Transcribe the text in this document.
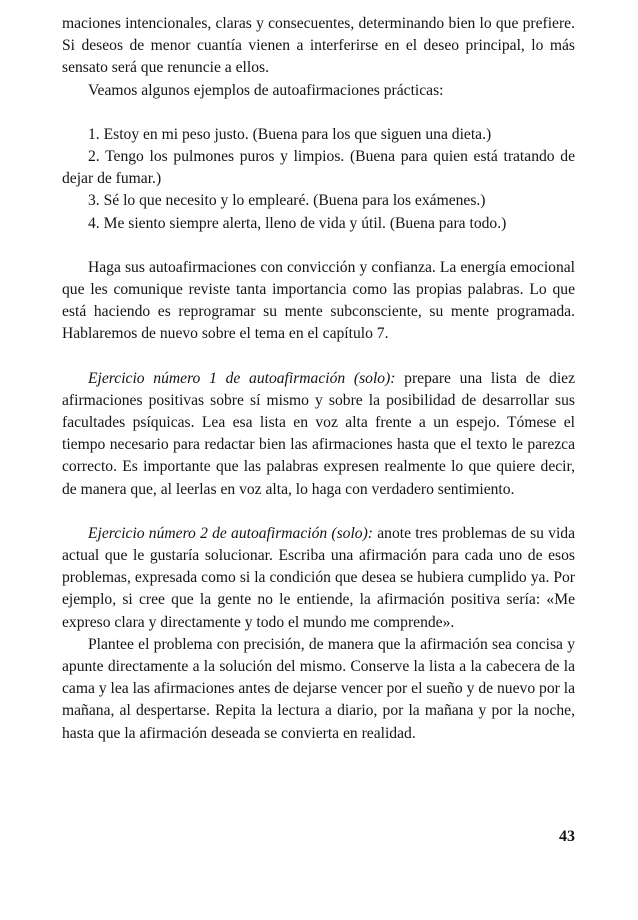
maciones intencionales, claras y consecuentes, determinando bien lo que prefiere. Si deseos de menor cuantía vienen a interferirse en el deseo principal, lo más sensato será que renuncie a ellos.

Veamos algunos ejemplos de autoafirmaciones prácticas:

1. Estoy en mi peso justo. (Buena para los que siguen una dieta.)

2. Tengo los pulmones puros y limpios. (Buena para quien está tratando de dejar de fumar.)

3. Sé lo que necesito y lo emplearé. (Buena para los exámenes.)

4. Me siento siempre alerta, lleno de vida y útil. (Buena para todo.)

Haga sus autoafirmaciones con convicción y confianza. La energía emocional que les comunique reviste tanta importancia como las propias palabras. Lo que está haciendo es reprogramar su mente subconsciente, su mente programada. Hablaremos de nuevo sobre el tema en el capítulo 7.

Ejercicio número 1 de autoafirmación (solo): prepare una lista de diez afirmaciones positivas sobre sí mismo y sobre la posibilidad de desarrollar sus facultades psíquicas. Lea esa lista en voz alta frente a un espejo. Tómese el tiempo necesario para redactar bien las afirmaciones hasta que el texto le parezca correcto. Es importante que las palabras expresen realmente lo que quiere decir, de manera que, al leerlas en voz alta, lo haga con verdadero sentimiento.

Ejercicio número 2 de autoafirmación (solo): anote tres problemas de su vida actual que le gustaría solucionar. Escriba una afirmación para cada uno de esos problemas, expresada como si la condición que desea se hubiera cumplido ya. Por ejemplo, si cree que la gente no le entiende, la afirmación positiva sería: «Me expreso clara y directamente y todo el mundo me comprende».

Plantee el problema con precisión, de manera que la afirmación sea concisa y apunte directamente a la solución del mismo. Conserve la lista a la cabecera de la cama y lea las afirmaciones antes de dejarse vencer por el sueño y de nuevo por la mañana, al despertarse. Repita la lectura a diario, por la mañana y por la noche, hasta que la afirmación deseada se convierta en realidad.

43
